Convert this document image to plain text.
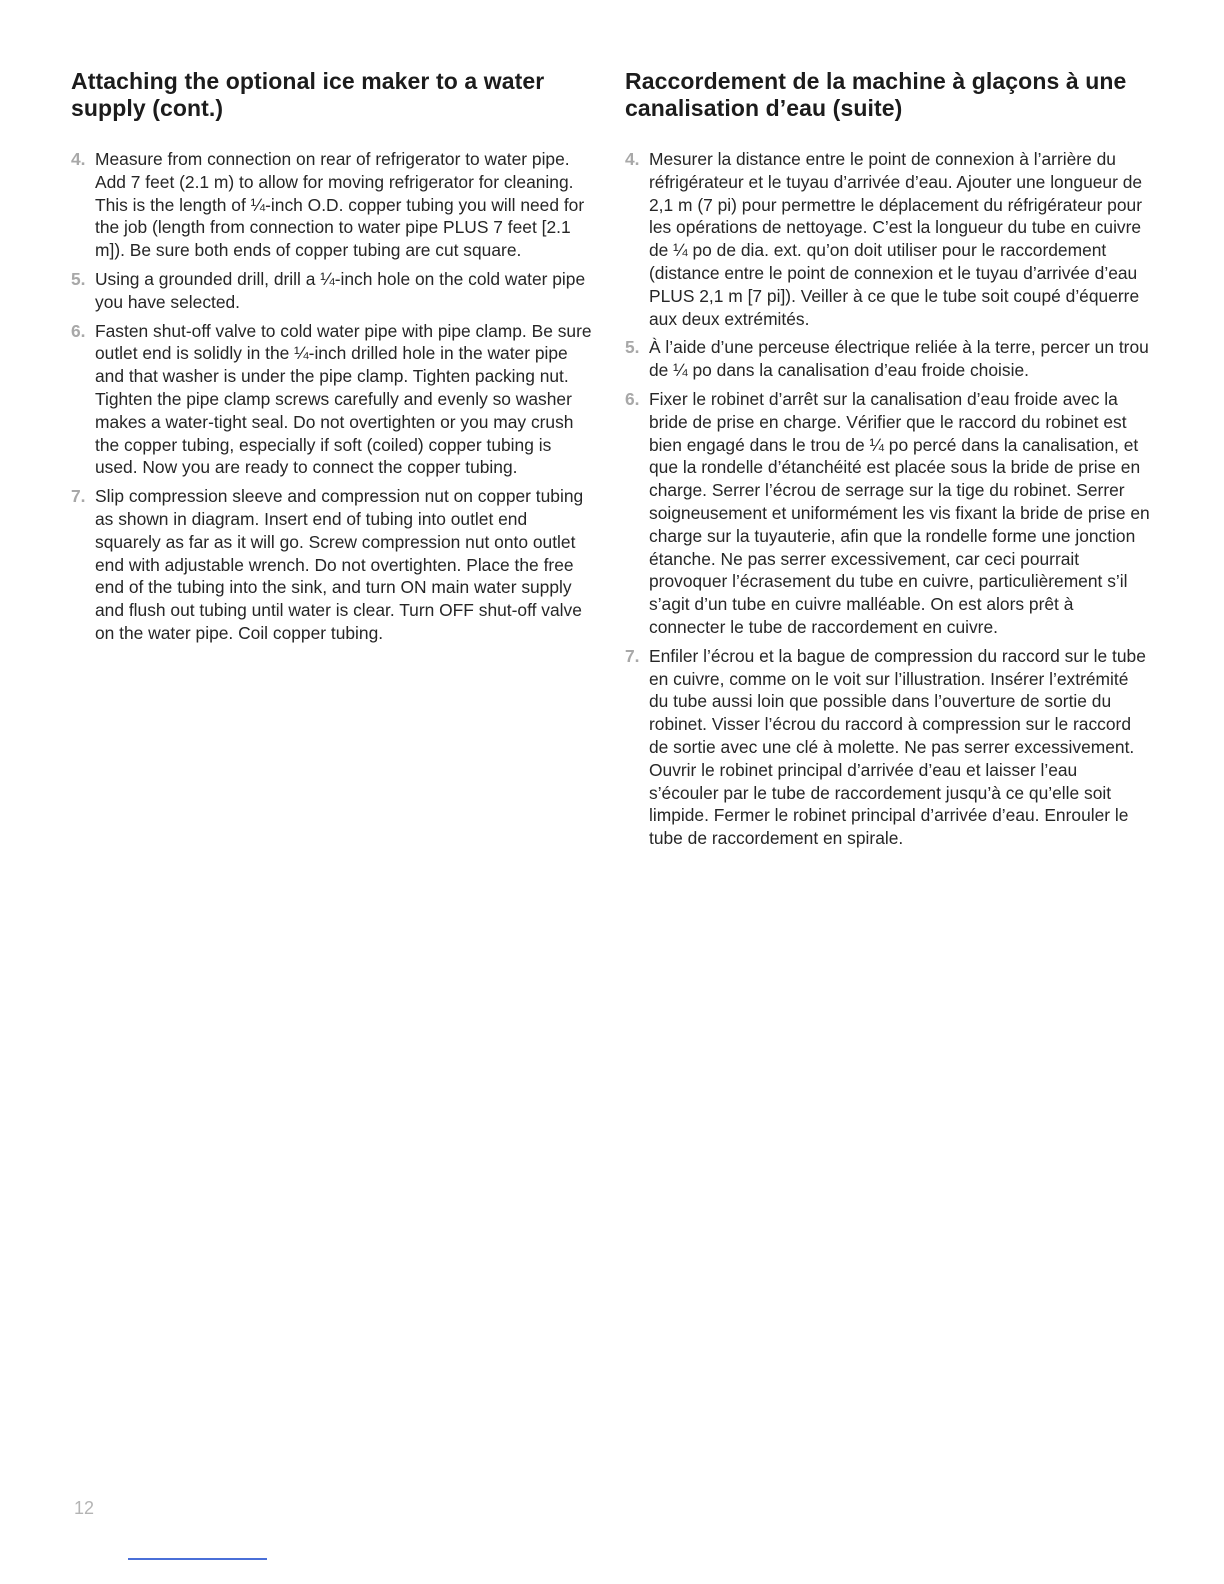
Attaching the optional ice maker to a water supply (cont.)
4. Measure from connection on rear of refrigerator to water pipe. Add 7 feet (2.1 m) to allow for moving refrigerator for cleaning. This is the length of ¼-inch O.D. copper tubing you will need for the job (length from connection to water pipe PLUS 7 feet [2.1 m]). Be sure both ends of copper tubing are cut square.
5. Using a grounded drill, drill a ¼-inch hole on the cold water pipe you have selected.
6. Fasten shut-off valve to cold water pipe with pipe clamp. Be sure outlet end is solidly in the ¼-inch drilled hole in the water pipe and that washer is under the pipe clamp. Tighten packing nut. Tighten the pipe clamp screws carefully and evenly so washer makes a water-tight seal. Do not overtighten or you may crush the copper tubing, especially if soft (coiled) copper tubing is used. Now you are ready to connect the copper tubing.
7. Slip compression sleeve and compression nut on copper tubing as shown in diagram. Insert end of tubing into outlet end squarely as far as it will go. Screw compression nut onto outlet end with adjustable wrench. Do not overtighten. Place the free end of the tubing into the sink, and turn ON main water supply and flush out tubing until water is clear. Turn OFF shut-off valve on the water pipe. Coil copper tubing.
Raccordement de la machine à glaçons à une canalisation d’eau (suite)
4. Mesurer la distance entre le point de connexion à l’arrière du réfrigérateur et le tuyau d’arrivée d’eau. Ajouter une longueur de 2,1 m (7 pi) pour permettre le déplacement du réfrigérateur pour les opérations de nettoyage. C’est la longueur du tube en cuivre de ¼ po de dia. ext. qu’on doit utiliser pour le raccordement (distance entre le point de connexion et le tuyau d’arrivée d’eau PLUS 2,1 m [7 pi]). Veiller à ce que le tube soit coupé d’équerre aux deux extrémités.
5. À l’aide d’une perceuse électrique reliée à la terre, percer un trou de ¼ po dans la canalisation d’eau froide choisie.
6. Fixer le robinet d’arrêt sur la canalisation d’eau froide avec la bride de prise en charge. Vérifier que le raccord du robinet est bien engagé dans le trou de ¼ po percé dans la canalisation, et que la rondelle d’étanchéité est placée sous la bride de prise en charge. Serrer l’écrou de serrage sur la tige du robinet. Serrer soigneusement et uniformément les vis fixant la bride de prise en charge sur la tuyauterie, afin que la rondelle forme une jonction étanche. Ne pas serrer excessivement, car ceci pourrait provoquer l’écrasement du tube en cuivre, particulièrement s’il s’agit d’un tube en cuivre malléable. On est alors prêt à connecter le tube de raccordement en cuivre.
7. Enfiler l’écrou et la bague de compression du raccord sur le tube en cuivre, comme on le voit sur l’illustration. Insérer l’extrémité du tube aussi loin que possible dans l’ouverture de sortie du robinet. Visser l’écrou du raccord à compression sur le raccord de sortie avec une clé à molette. Ne pas serrer excessivement. Ouvrir le robinet principal d’arrivée d’eau et laisser l’eau s’écouler par le tube de raccordement jusqu’à ce qu’elle soit limpide. Fermer le robinet principal d’arrivée d’eau. Enrouler le tube de raccordement en spirale.
12
